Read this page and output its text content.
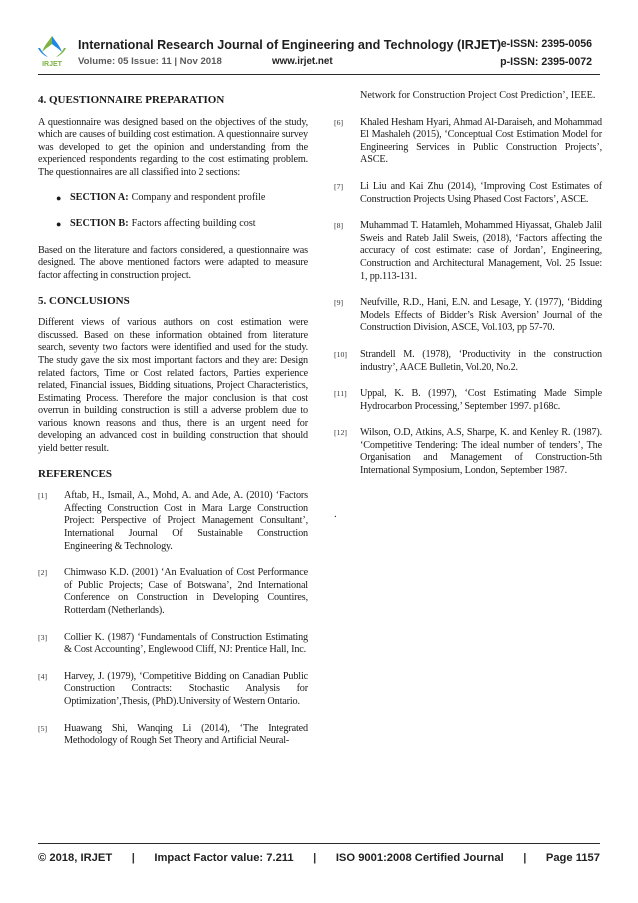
IRJET
International Research Journal of Engineering and Technology (IRJET) e-ISSN: 2395-0056
Volume: 05 Issue: 11 | Nov 2018	www.irjet.net	p-ISSN: 2395-0072
4. QUESTIONNAIRE PREPARATION

A questionnaire was designed based on the objectives of the study, which are causes of building cost estimation. A questionnaire survey was developed to get the opinion and understanding from the experienced respondents regarding to the cost estimating problem. The questionnaires are all classified into 2 sections:

● SECTION A: Company and respondent profile
● SECTION B: Factors affecting building cost

Based on the literature and factors considered, a questionnaire was designed. The above mentioned factors were adapted to measure factor affecting in construction project.

5. CONCLUSIONS

Different views of various authors on cost estimation were discussed. Based on these information obtained from literature search, seventy two factors were identified and used for the study. The study gave the six most important factors and they are: Design related factors, Time or Cost related factors, Parties experience related, Financial issues, Bidding situations, Project Characteristics, Estimating Process. Therefore the major conclusion is that cost overrun in building construction is still a adverse problem due to various known reasons and thus, there is an urgent need for developing an advanced cost in building construction that should yield better result.

REFERENCES
[1]	Aftab, H., Ismail, A., Mohd, A. and Ade, A. (2010) ‘Factors Affecting Construction Cost in Mara Large Construction Project: Perspective of Project Management Consultant’, International Journal Of Sustainable Construction Engineering & Technology.
[2]	Chimwaso K.D. (2001) ‘An Evaluation of Cost Performance of Public Projects; Case of Botswana’, 2nd International Conference on Construction in Developing Countires, Rotterdam (Netherlands).
[3]	Collier K. (1987) ‘Fundamentals of Construction Estimating & Cost Accounting’, Englewood Cliff, NJ: Prentice Hall, Inc.
[4]	Harvey, J. (1979), ‘Competitive Bidding on Canadian Public Construction Contracts: Stochastic Analysis for Optimization’,Thesis, (PhD).University of Western Ontario.
[5]	Huawang Shi, Wanqing Li (2014), ‘The Integrated Methodology of Rough Set Theory and Artificial Neural-
Network for Construction Project Cost Prediction’, IEEE.
[6]	Khaled Hesham Hyari, Ahmad Al-Daraiseh, and Mohammad El Mashaleh (2015), ‘Conceptual Cost Estimation Model for Engineering Services in Public Construction Projects’, ASCE.
[7]	Li Liu and Kai Zhu (2014), ‘Improving Cost Estimates of Construction Projects Using Phased Cost Factors’, ASCE.
[8]	Muhammad T. Hatamleh, Mohammed Hiyassat, Ghaleb Jalil Sweis and Rateb Jalil Sweis, (2018), ‘Factors affecting the accuracy of cost estimate: case of Jordan’, Engineering, Construction and Architectural Management, Vol. 25 Issue: 1, pp.113-131.
[9]	Neufville, R.D., Hani, E.N. and Lesage, Y. (1977), ‘Bidding Models Effects of Bidder’s Risk Aversion’ Journal of the Construction Division, ASCE, Vol.103, pp 57-70.
[10]	Strandell M. (1978), ‘Productivity in the construction industry’, AACE Bulletin, Vol.20, No.2.
[11]	Uppal, K. B. (1997), ‘Cost Estimating Made Simple Hydrocarbon Processing,’ September 1997. p168c.
[12]	Wilson, O.D, Atkins, A.S, Sharpe, K. and Kenley R. (1987). ‘Competitive Tendering: The ideal number of tenders’, The Organisation and Management of Construction-5th International Symposium, London, September 1987.
.
© 2018, IRJET | Impact Factor value: 7.211 | ISO 9001:2008 Certified Journal | Page 1157
